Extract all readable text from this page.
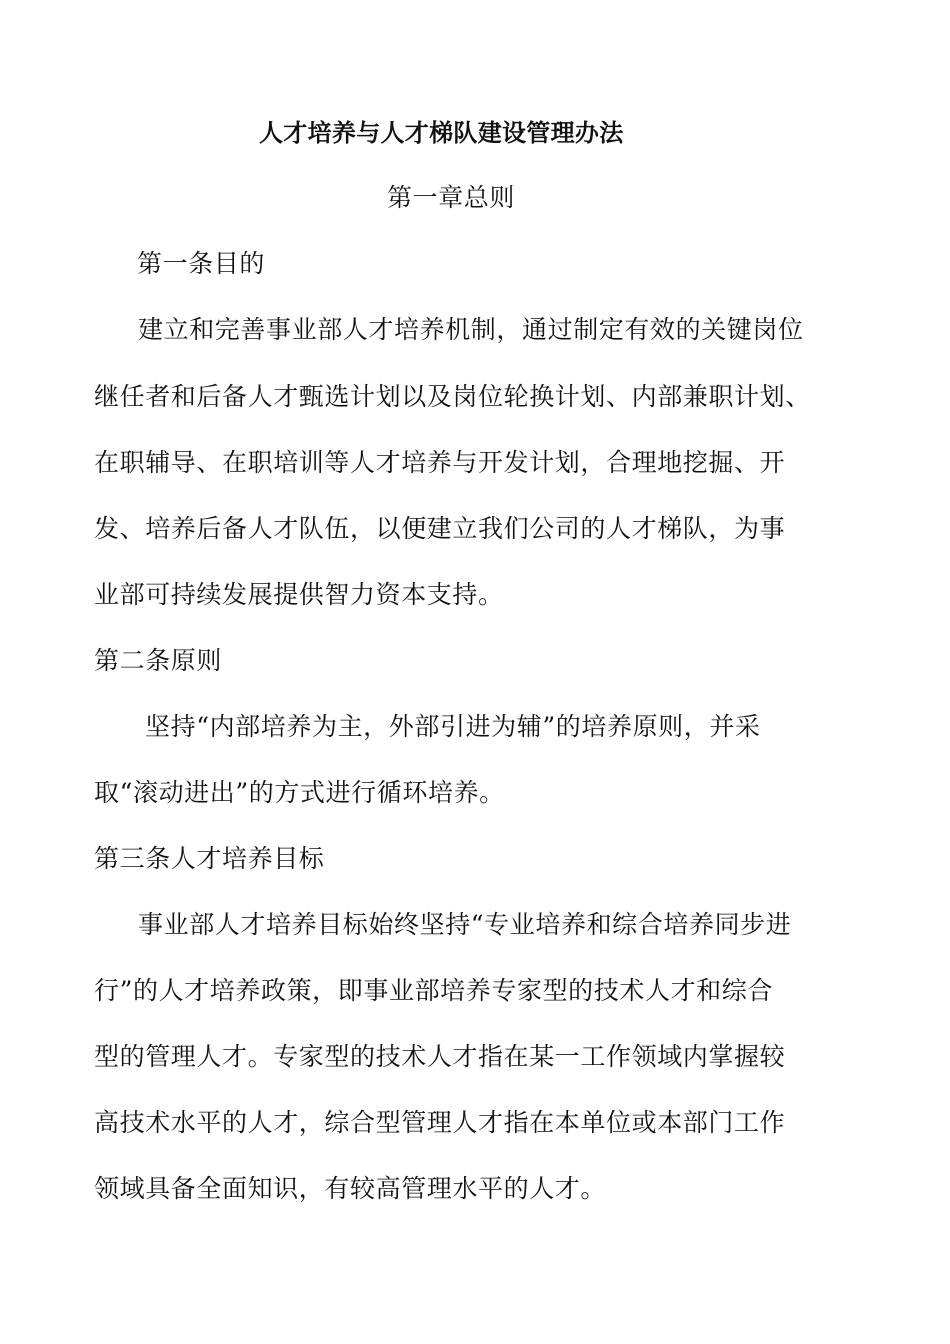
人才培养与人才梯队建设管理办法
第一章总则
第一条目的
建立和完善事业部人才培养机制，通过制定有效的关键岗位
继任者和后备人才甄选计划以及岗位轮换计划、内部兼职计划、
在职辅导、在职培训等人才培养与开发计划，合理地挖掘、开
发、培养后备人才队伍，以便建立我们公司的人才梯队，为事
业部可持续发展提供智力资本支持。
第二条原则
坚持“内部培养为主，外部引进为辅”的培养原则，并采
取“滚动进出”的方式进行循环培养。
第三条人才培养目标
事业部人才培养目标始终坚持“专业培养和综合培养同步进
行”的人才培养政策，即事业部培养专家型的技术人才和综合
型的管理人才。专家型的技术人才指在某一工作领域内掌握较
高技术水平的人才，综合型管理人才指在本单位或本部门工作
领域具备全面知识，有较高管理水平的人才。
